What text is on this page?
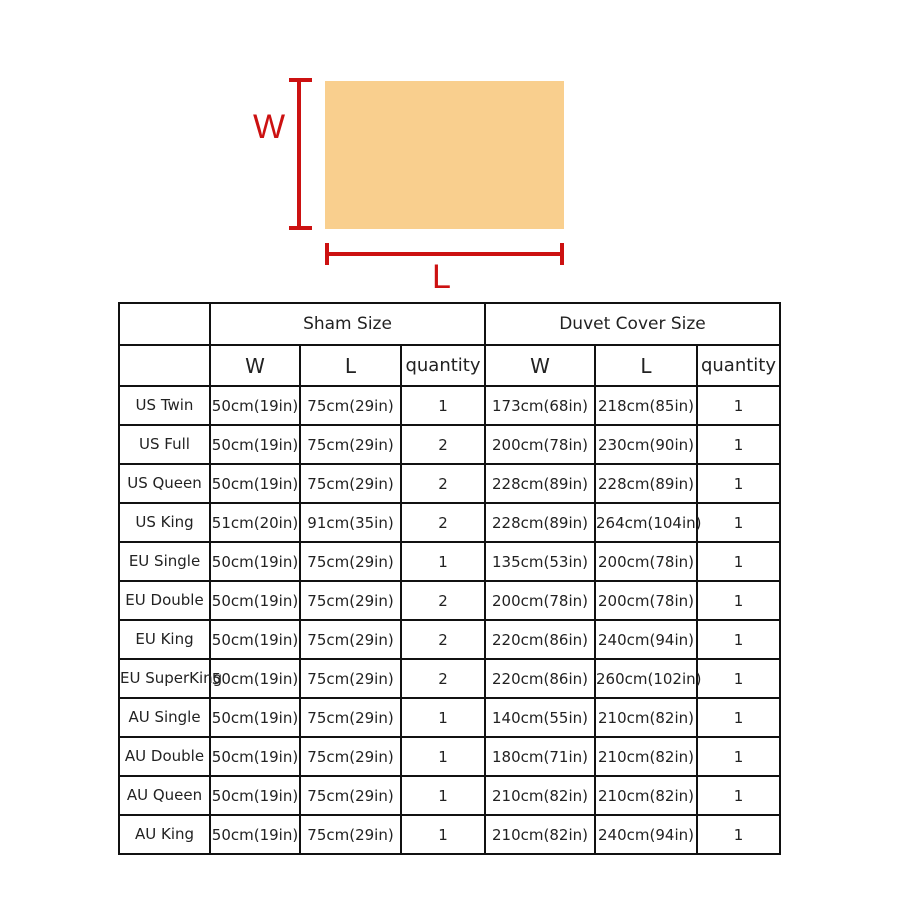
W
L
	Sham Size			Duvet Cover Size		
	W	L	quantity	W	L	quantity
US Twin	50cm(19in)	75cm(29in)	1	173cm(68in)	218cm(85in)	1
US Full	50cm(19in)	75cm(29in)	2	200cm(78in)	230cm(90in)	1
US Queen	50cm(19in)	75cm(29in)	2	228cm(89in)	228cm(89in)	1
US King	51cm(20in)	91cm(35in)	2	228cm(89in)	264cm(104in)	1
EU Single	50cm(19in)	75cm(29in)	1	135cm(53in)	200cm(78in)	1
EU Double	50cm(19in)	75cm(29in)	2	200cm(78in)	200cm(78in)	1
EU King	50cm(19in)	75cm(29in)	2	220cm(86in)	240cm(94in)	1
EU SuperKing	50cm(19in)	75cm(29in)	2	220cm(86in)	260cm(102in)	1
AU Single	50cm(19in)	75cm(29in)	1	140cm(55in)	210cm(82in)	1
AU Double	50cm(19in)	75cm(29in)	1	180cm(71in)	210cm(82in)	1
AU Queen	50cm(19in)	75cm(29in)	1	210cm(82in)	210cm(82in)	1
AU King	50cm(19in)	75cm(29in)	1	210cm(82in)	240cm(94in)	1
